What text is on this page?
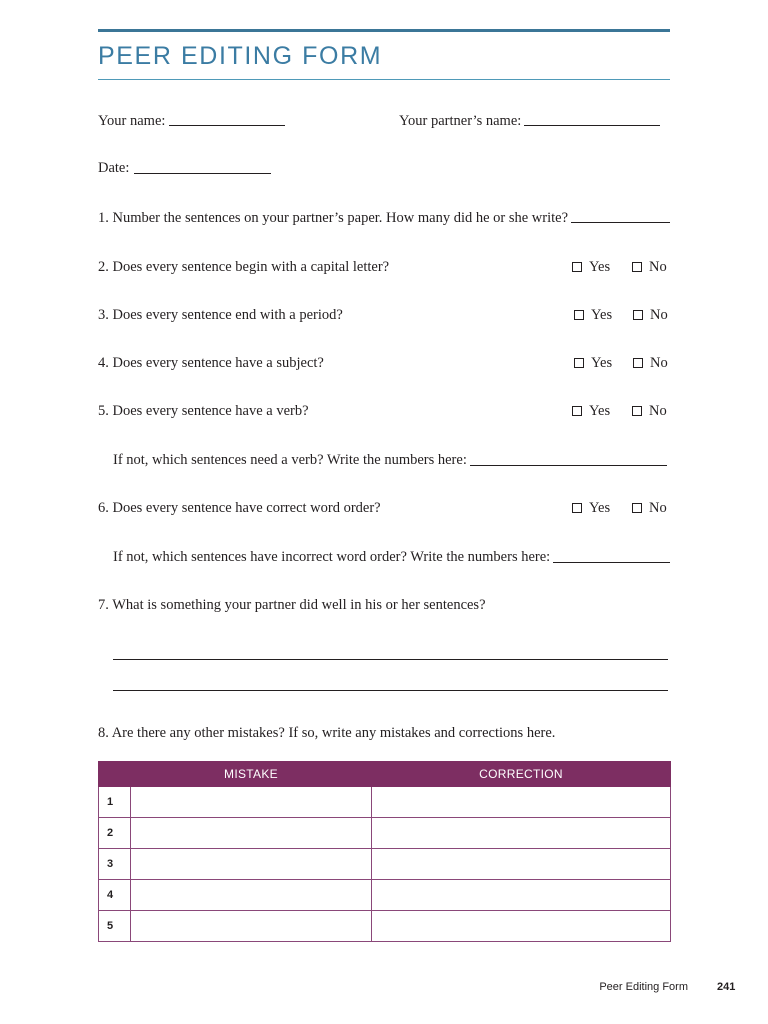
PEER EDITING FORM
Your name:	Your partner’s name:
Date:
1. Number the sentences on your partner’s paper. How many did he or she write?
2. Does every sentence begin with a capital letter?	Yes	No
3. Does every sentence end with a period?	Yes	No
4. Does every sentence have a subject?	Yes	No
5. Does every sentence have a verb?	Yes	No
If not, which sentences need a verb? Write the numbers here:
6. Does every sentence have correct word order?	Yes	No
If not, which sentences have incorrect word order? Write the numbers here:
7. What is something your partner did well in his or her sentences?
8. Are there any other mistakes? If so, write any mistakes and corrections here.
	MISTAKE	CORRECTION
1		
2		
3		
4		
5		
Peer Editing Form	241
